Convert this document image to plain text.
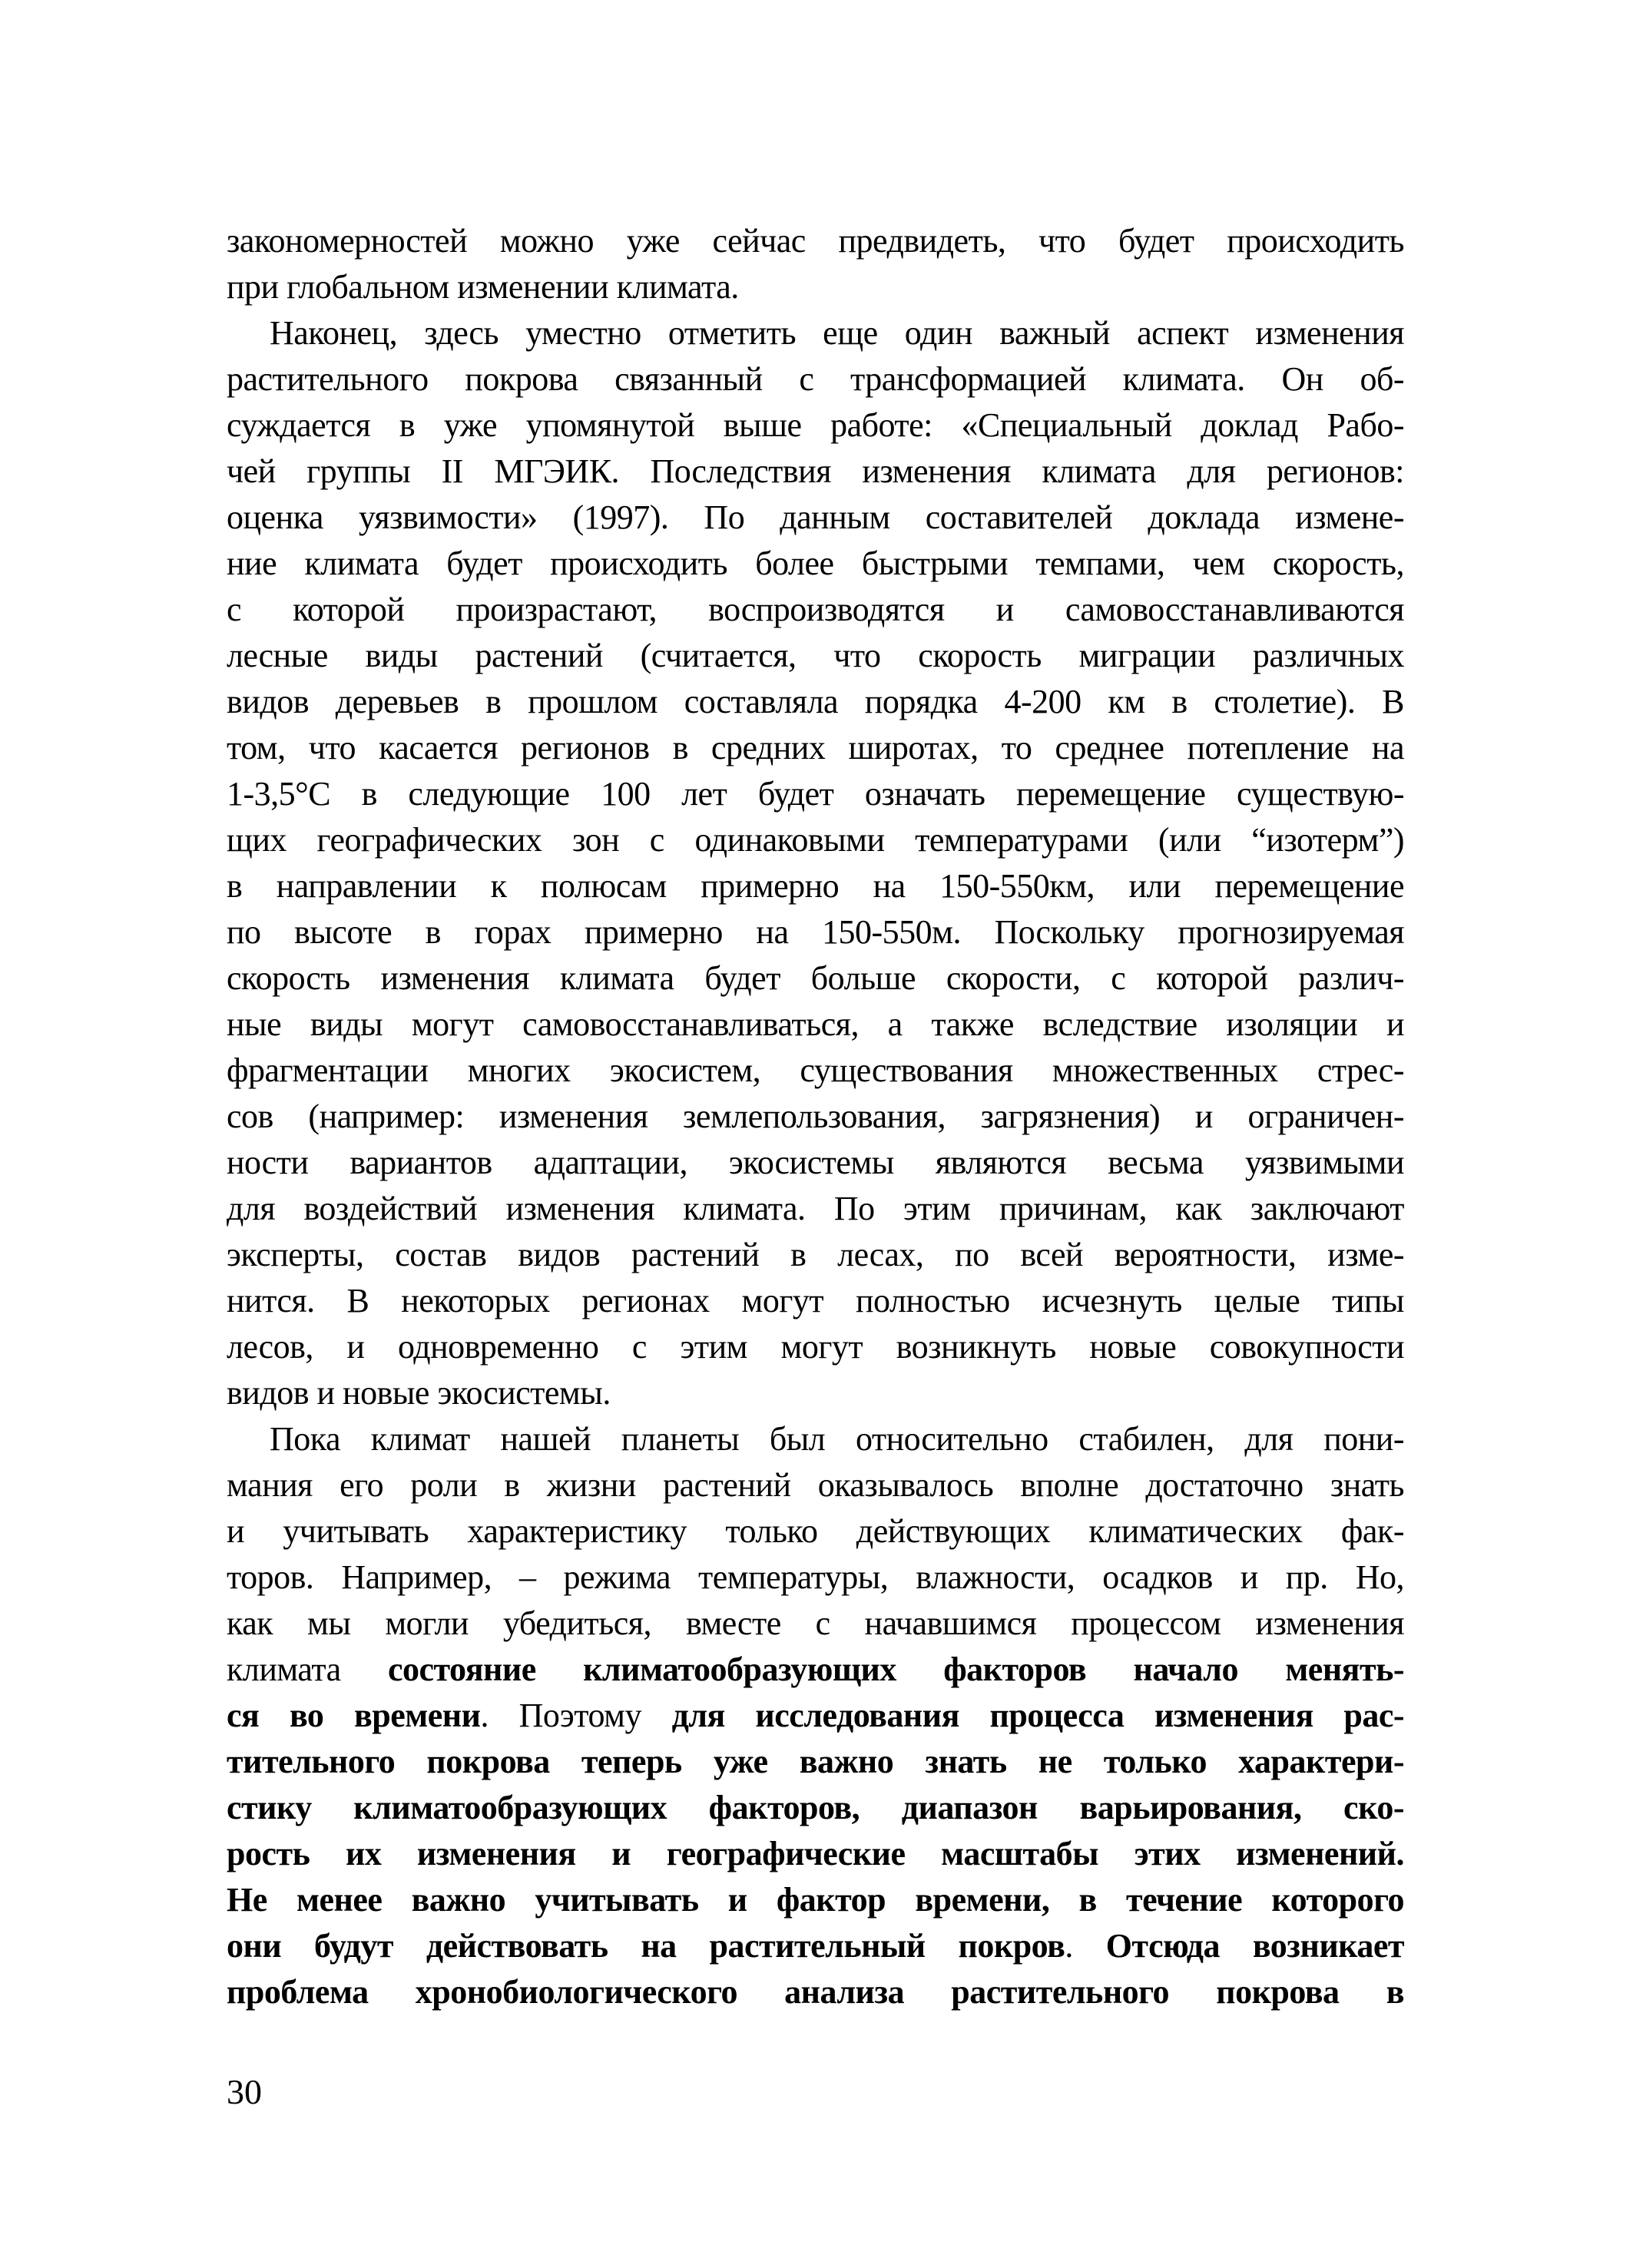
закономерностей можно уже сейчас предвидеть, что будет происходить
при глобальном изменении климата.
Наконец, здесь уместно отметить еще один важный аспект изменения
растительного покрова связанный с трансформацией климата. Он об-
суждается в уже упомянутой выше работе: «Специальный доклад Рабо-
чей группы II МГЭИК. Последствия изменения климата для регионов:
оценка уязвимости» (1997). По данным составителей доклада измене-
ние климата будет происходить более быстрыми темпами, чем скорость,
с которой произрастают, воспроизводятся и самовосстанавливаются
лесные виды растений (считается, что скорость миграции различных
видов деревьев в прошлом составляла порядка 4-200 км в столетие). В
том, что касается регионов в средних широтах, то среднее потепление на
1-3,5°С в следующие 100 лет будет означать перемещение существую-
щих географических зон с одинаковыми температурами (или “изотерм”)
в направлении к полюсам примерно на 150-550км, или перемещение
по высоте в горах примерно на 150-550м. Поскольку прогнозируемая
скорость изменения климата будет больше скорости, с которой различ-
ные виды могут самовосстанавливаться, а также вследствие изоляции и
фрагментации многих экосистем, существования множественных стрес-
сов (например: изменения землепользования, загрязнения) и ограничен-
ности вариантов адаптации, экосистемы являются весьма уязвимыми
для воздействий изменения климата. По этим причинам, как заключают
эксперты, состав видов растений в лесах, по всей вероятности, изме-
нится. В некоторых регионах могут полностью исчезнуть целые типы
лесов, и одновременно с этим могут возникнуть новые совокупности
видов и новые экосистемы.
Пока климат нашей планеты был относительно стабилен, для пони-
мания его роли в жизни растений оказывалось вполне достаточно знать
и учитывать характеристику только действующих климатических фак-
торов. Например, – режима температуры, влажности, осадков и пр. Но,
как мы могли убедиться, вместе с начавшимся процессом изменения
климата состояние климатообразующих факторов начало менять-
ся во времени. Поэтому для исследования процесса изменения рас-
тительного покрова теперь уже важно знать не только характери-
стику климатообразующих факторов, диапазон варьирования, ско-
рость их изменения и географические масштабы этих изменений.
Не менее важно учитывать и фактор времени, в течение которого
они будут действовать на растительный покров. Отсюда возникает
проблема хронобиологического анализа растительного покрова в
30
